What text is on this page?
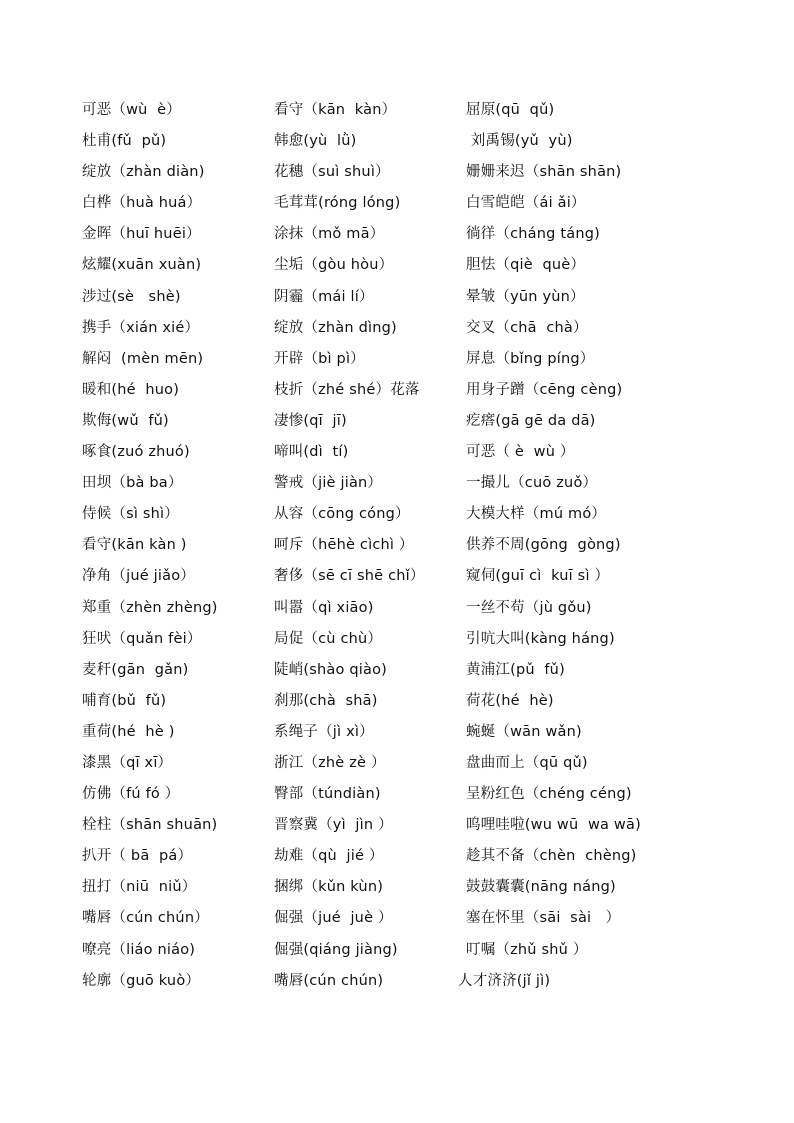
可恶（wù  è）
杜甫(fǔ  pǔ)
绽放（zhàn diàn)
白桦（huà huá）
金晖（huī huēi）
炫耀(xuān xuàn)
涉过(sè   shè)
携手（xián xié）
解闷  (mèn mēn)
暖和(hé  huo)
欺侮(wǔ  fǔ)
啄食(zuó zhuó)
田坝（bà ba）
侍候（sì shì）
看守(kān kàn )
净角（jué jiǎo）
郑重（zhèn zhèng)
狂吠（quǎn fèi）
麦秆(gān  gǎn)
哺育(bǔ  fǔ)
重荷(hé  hè )
漆黑（qī xī）
仿佛（fú fó ）
栓柱（shān shuān)
扒开（ bā  pá）
扭打（niū  niǔ）
嘴唇（cún chún）
嘹亮（liáo niáo)
轮廓（guō kuò）
看守（kān  kàn）
韩愈(yù  lǜ)
花穗（suì shuì）
毛茸茸(róng lóng)
涂抹（mǒ mā）
尘垢（gòu hòu）
阴霾（mái lí）
绽放（zhàn dìng)
开辟（bì pì）
枝折（zhé shé）花落
凄惨(qī  jī)
啼叫(dì  tí)
警戒（jiè jiàn）
从容（cōng cóng）
呵斥（hēhè cìchì ）
奢侈（sē cī shē chǐ）
叫嚣（qì xiāo)
局促（cù chù）
陡峭(shào qiào)
刹那(chà  shā)
系绳子（jì xì）
浙江（zhè zè ）
臀部（túndiàn)
晋察冀（yì  jìn ）
劫难（qù  jié ）
捆绑（kǔn kùn)
倔强（jué  juè ）
倔强(qiáng jiàng)
嘴唇(cún chún)
屈原(qū  qǔ)
刘禹锡(yǔ  yù)
姗姗来迟（shān shān)
白雪皑皑（ái ǎi）
徜徉（cháng táng)
胆怯（qiè  què）
晕皱（yūn yùn）
交叉（chā  chà）
屏息（bǐng píng）
用身子蹭（cēng cèng)
疙瘩(gā gē da dā)
可恶（ è  wù ）
一撮儿（cuō zuǒ）
大模大样（mú mó）
供养不周(gōng  gòng)
窥伺(guī cì  kuī sì ）
一丝不苟（jù gǒu)
引吭大叫(kàng háng)
黄浦江(pǔ  fǔ)
荷花(hé  hè)
蜿蜒（wān wǎn)
盘曲而上（qū qǔ)
呈粉红色（chéng céng)
呜哩哇啦(wu wū  wa wā)
趁其不备（chèn  chèng)
鼓鼓囊囊(nāng náng)
塞在怀里（sāi  sài   ）
叮嘱（zhǔ shǔ ）
人才济济(jǐ jì)
